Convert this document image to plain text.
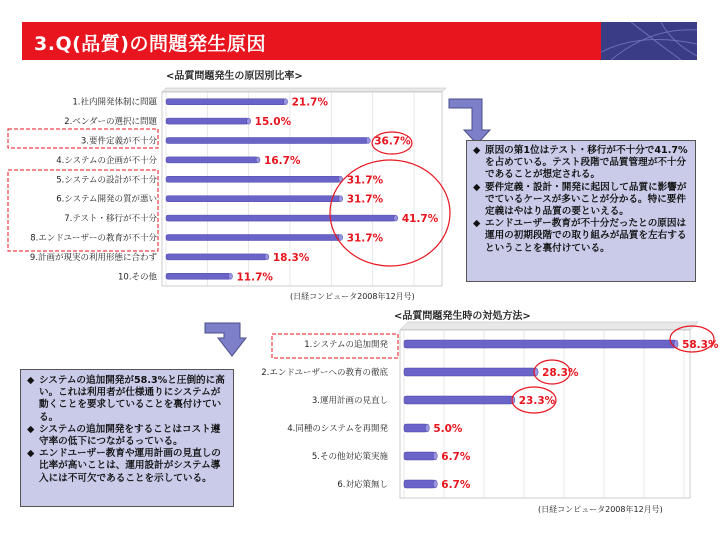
3.Q(品質)の問題発生原因
<品質問題発生の原因別比率>
1.社内開発体制に問題	21.7%
2.ベンダーの選択に問題	15.0%
3.要件定義が不十分	36.7%
4.システムの企画が不十分	16.7%
5.システムの設計が不十分	31.7%
6.システム開発の質が悪い	31.7%
7.テスト・移行が不十分	41.7%
8.エンドユーザーの教育が不十分	31.7%
9.計画が現実の利用形態に合わず	18.3%
10.その他	11.7%
(日経コンピュータ2008年12月号)
<品質問題発生時の対処方法>
1.システムの追加開発	58.3%
2.エンドユーザーへの教育の徹底	28.3%
3.運用計画の見直し	23.3%
4.同種のシステムを再開発	5.0%
5.その他対応策実施	6.7%
6.対応策無し	6.7%
(日経コンピュータ2008年12月号)
◆ 原因の第1位はテスト・移行が不十分で41.7%を占めている。テスト段階で品質管理が不十分であることが想定される。
◆ 要件定義・設計・開発に起因して品質に影響がでているケースが多いことが分かる。特に要件定義はやはり品質の要といえる。
◆ エンドユーザー教育が不十分だったとの原因は運用の初期段階での取り組みが品質を左右するということを裏付けている。
◆ システムの追加開発が58.3%と圧倒的に高い。これは利用者が仕様通りにシステムが動くことを要求していることを裏付けている。
◆ システムの追加開発をすることはコスト遵守率の低下につながるっている。
◆ エンドユーザー教育や運用計画の見直しの比率が高いことは、運用設計がシステム導入には不可欠であることを示している。
